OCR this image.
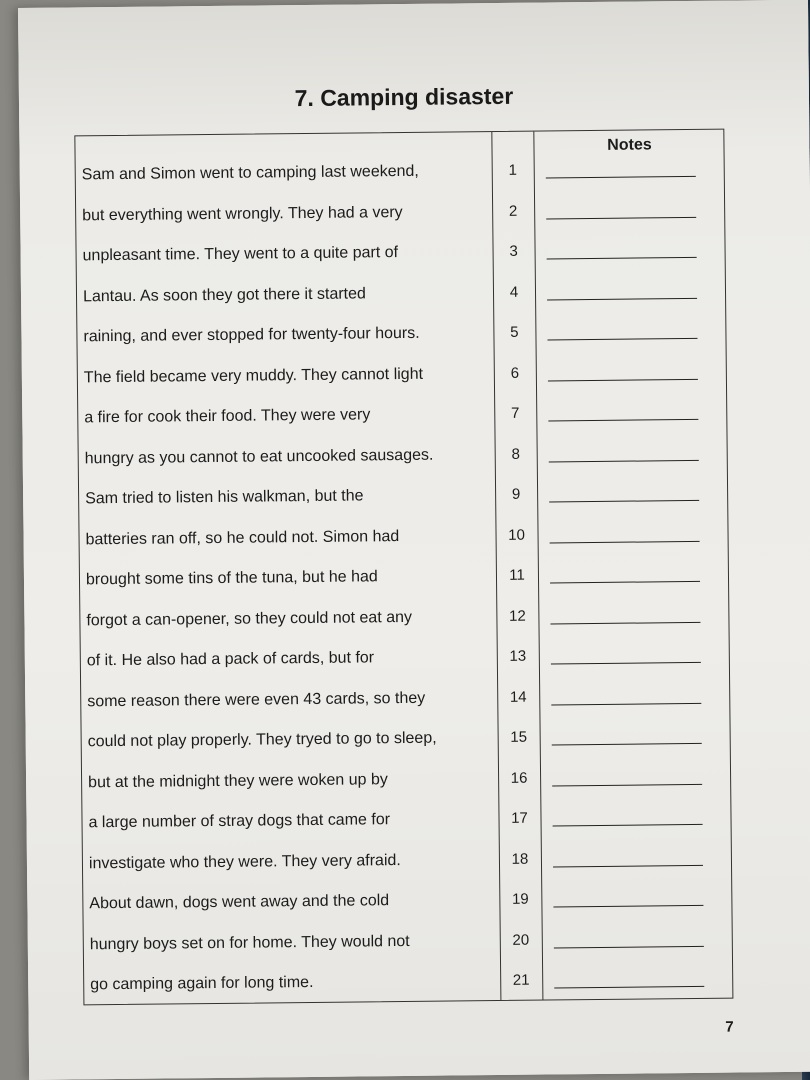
7. Camping disaster
Notes
Sam and Simon went to camping last weekend,	1
but everything went wrongly. They had a very	2
unpleasant time. They went to a quite part of	3
Lantau. As soon they got there it started	4
raining, and ever stopped for twenty-four hours.	5
The field became very muddy. They cannot light	6
a fire for cook their food. They were very	7
hungry as you cannot to eat uncooked sausages.	8
Sam tried to listen his walkman, but the	9
batteries ran off, so he could not. Simon had	10
brought some tins of the tuna, but he had	11
forgot a can-opener, so they could not eat any	12
of it. He also had a pack of cards, but for	13
some reason there were even 43 cards, so they	14
could not play properly. They tryed to go to sleep,	15
but at the midnight they were woken up by	16
a large number of stray dogs that came for	17
investigate who they were. They very afraid.	18
About dawn, dogs went away and the cold	19
hungry boys set on for home. They would not	20
go camping again for long time.	21
7
